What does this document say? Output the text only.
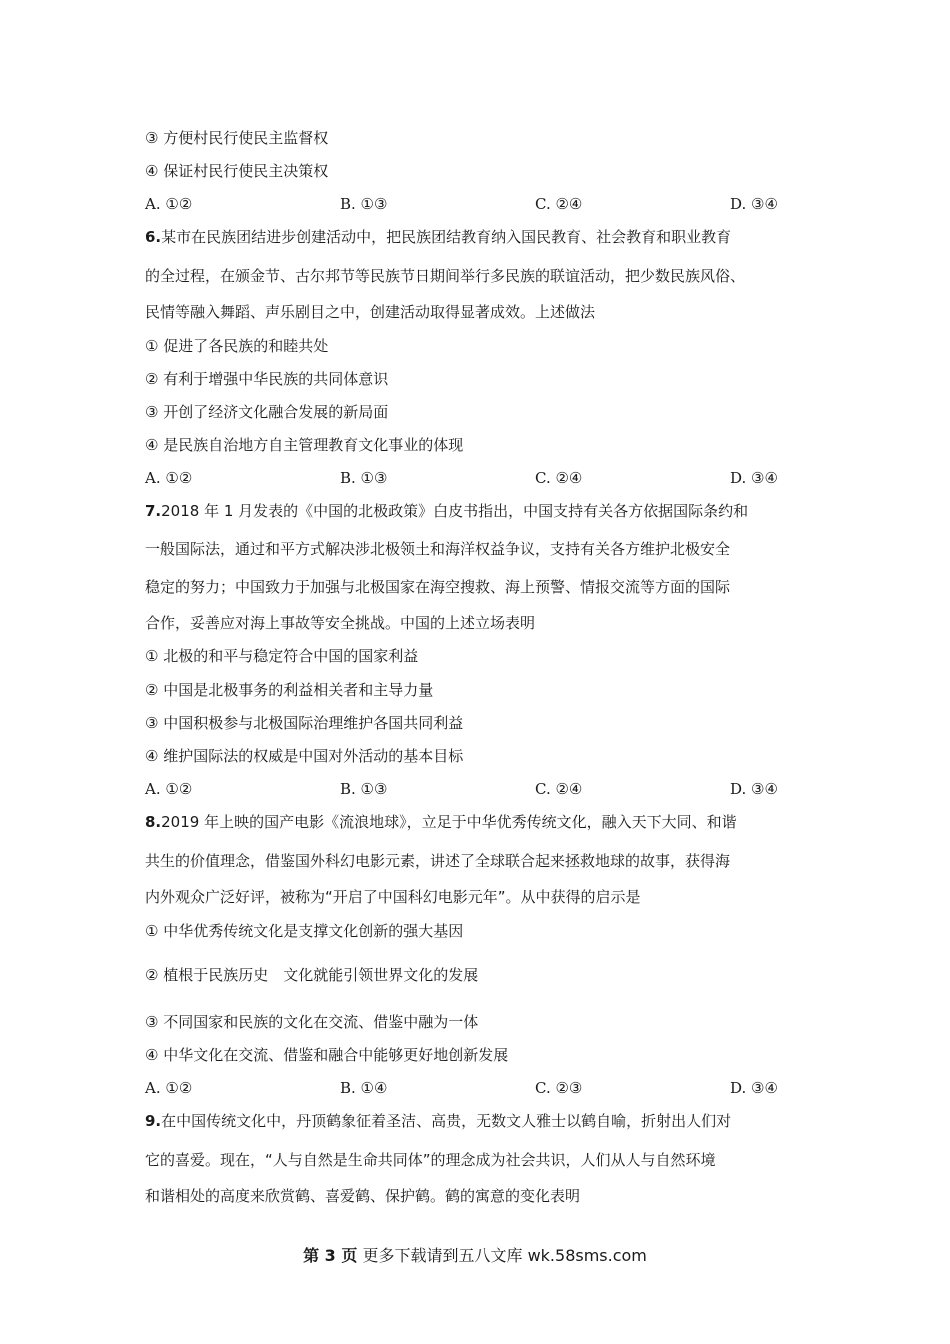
③ 方便村民行使民主监督权
④ 保证村民行使民主决策权
A. ①②	B. ①③	C. ②④	D. ③④
6.某市在民族团结进步创建活动中，把民族团结教育纳入国民教育、社会教育和职业教育
的全过程，在颁金节、古尔邦节等民族节日期间举行多民族的联谊活动，把少数民族风俗、
民情等融入舞蹈、声乐剧目之中，创建活动取得显著成效。上述做法
① 促进了各民族的和睦共处
② 有利于增强中华民族的共同体意识
③ 开创了经济文化融合发展的新局面
④ 是民族自治地方自主管理教育文化事业的体现
A. ①②	B. ①③	C. ②④	D. ③④
7.2018 年 1 月发表的《中国的北极政策》白皮书指出，中国支持有关各方依据国际条约和
一般国际法，通过和平方式解决涉北极领土和海洋权益争议，支持有关各方维护北极安全
稳定的努力；中国致力于加强与北极国家在海空搜救、海上预警、情报交流等方面的国际
合作，妥善应对海上事故等安全挑战。中国的上述立场表明
① 北极的和平与稳定符合中国的国家利益
② 中国是北极事务的利益相关者和主导力量
③ 中国积极参与北极国际治理维护各国共同利益
④ 维护国际法的权威是中国对外活动的基本目标
A. ①②	B. ①③	C. ②④	D. ③④
8.2019 年上映的国产电影《流浪地球》，立足于中华优秀传统文化，融入天下大同、和谐
共生的价值理念，借鉴国外科幻电影元素，讲述了全球联合起来拯救地球的故事，获得海
内外观众广泛好评，被称为“开启了中国科幻电影元年”。从中获得的启示是
① 中华优秀传统文化是支撑文化创新的强大基因
② 植根于民族历史　文化就能引领世界文化的发展
③ 不同国家和民族的文化在交流、借鉴中融为一体
④ 中华文化在交流、借鉴和融合中能够更好地创新发展
A. ①②	B. ①④	C. ②③	D. ③④
9.在中国传统文化中，丹顶鹤象征着圣洁、高贵，无数文人雅士以鹤自喻，折射出人们对
它的喜爱。现在，“人与自然是生命共同体”的理念成为社会共识，人们从人与自然环境
和谐相处的高度来欣赏鹤、喜爱鹤、保护鹤。鹤的寓意的变化表明
第 3 页 更多下载请到五八文库 wk.58sms.com
